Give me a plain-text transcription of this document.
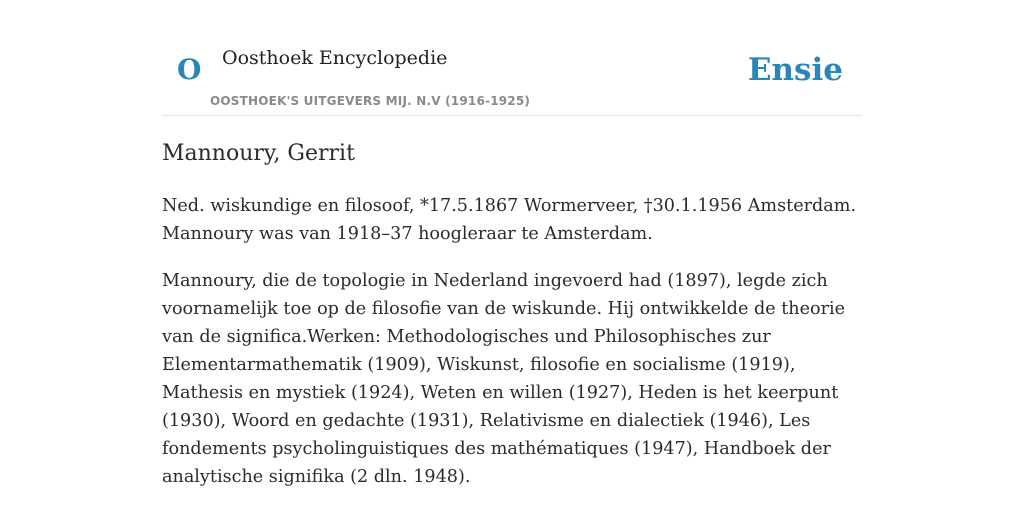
O Oosthoek Encyclopedie
OOSTHOEK'S UITGEVERS MIJ. N.V (1916-1925)
Ensie
Mannoury, Gerrit

Ned. wiskundige en filosoof, *17.5.1867 Wormerveer, †30.1.1956 Amsterdam. Mannoury was van 1918–37 hoogleraar te Amsterdam.

Mannoury, die de topologie in Nederland ingevoerd had (1897), legde zich voornamelijk toe op de filosofie van de wiskunde. Hij ontwikkelde de theorie van de significa.Werken: Methodologisches und Philosophisches zur Elementarmathematik (1909), Wiskunst, filosofie en socialisme (1919), Mathesis en mystiek (1924), Weten en willen (1927), Heden is het keerpunt (1930), Woord en gedachte (1931), Relativisme en dialectiek (1946), Les fondements psycholinguistiques des mathématiques (1947), Handboek der analytische signifika (2 dln. 1948).
